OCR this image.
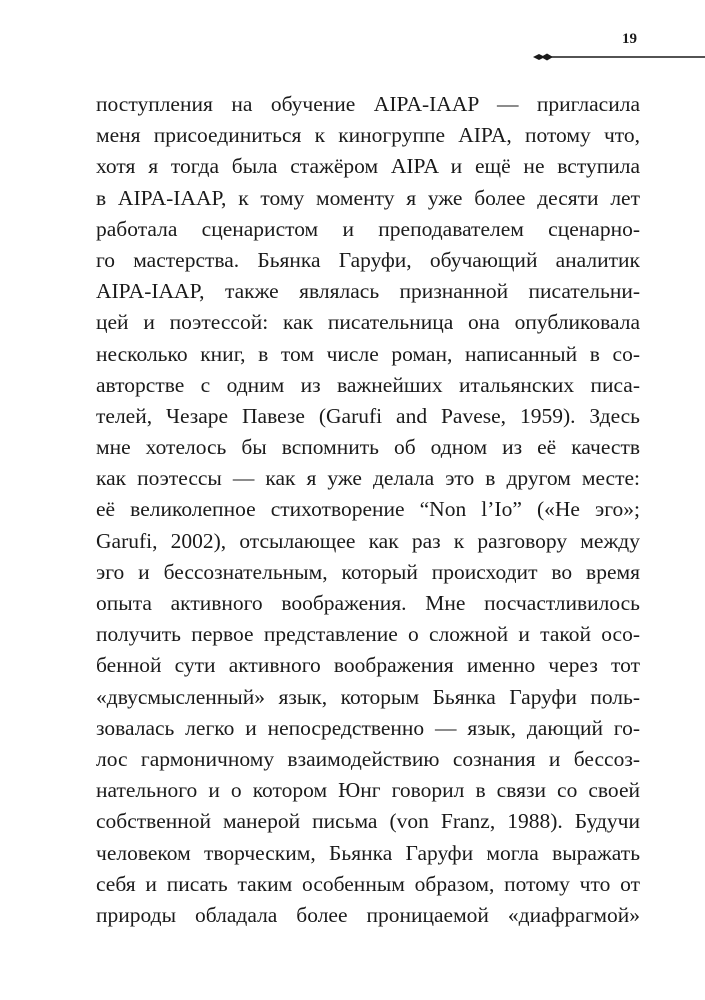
19
поступления на обучение AIPA-IAAP — пригласила
меня присоединиться к киногруппе AIPA, потому что,
хотя я тогда была стажёром AIPA и ещё не вступила
в AIPA-IAAP, к тому моменту я уже более десяти лет
работала сценаристом и преподавателем сценарно-
го мастерства. Бьянка Гаруфи, обучающий аналитик
AIPA-IAAP, также являлась признанной писательни-
цей и поэтессой: как писательница она опубликовала
несколько книг, в том числе роман, написанный в со-
авторстве с одним из важнейших итальянских писа-
телей, Чезаре Павезе (Garufi and Pavese, 1959). Здесь
мне хотелось бы вспомнить об одном из её качеств
как поэтессы — как я уже делала это в другом месте:
её великолепное стихотворение “Non l’Io” («Не эго»;
Garufi, 2002), отсылающее как раз к разговору между
эго и бессознательным, который происходит во время
опыта активного воображения. Мне посчастливилось
получить первое представление о сложной и такой осо-
бенной сути активного воображения именно через тот
«двусмысленный» язык, которым Бьянка Гаруфи поль-
зовалась легко и непосредственно — язык, дающий го-
лос гармоничному взаимодействию сознания и бессоз-
нательного и о котором Юнг говорил в связи со своей
собственной манерой письма (von Franz, 1988). Будучи
человеком творческим, Бьянка Гаруфи могла выражать
себя и писать таким особенным образом, потому что от
природы обладала более проницаемой «диафрагмой»
